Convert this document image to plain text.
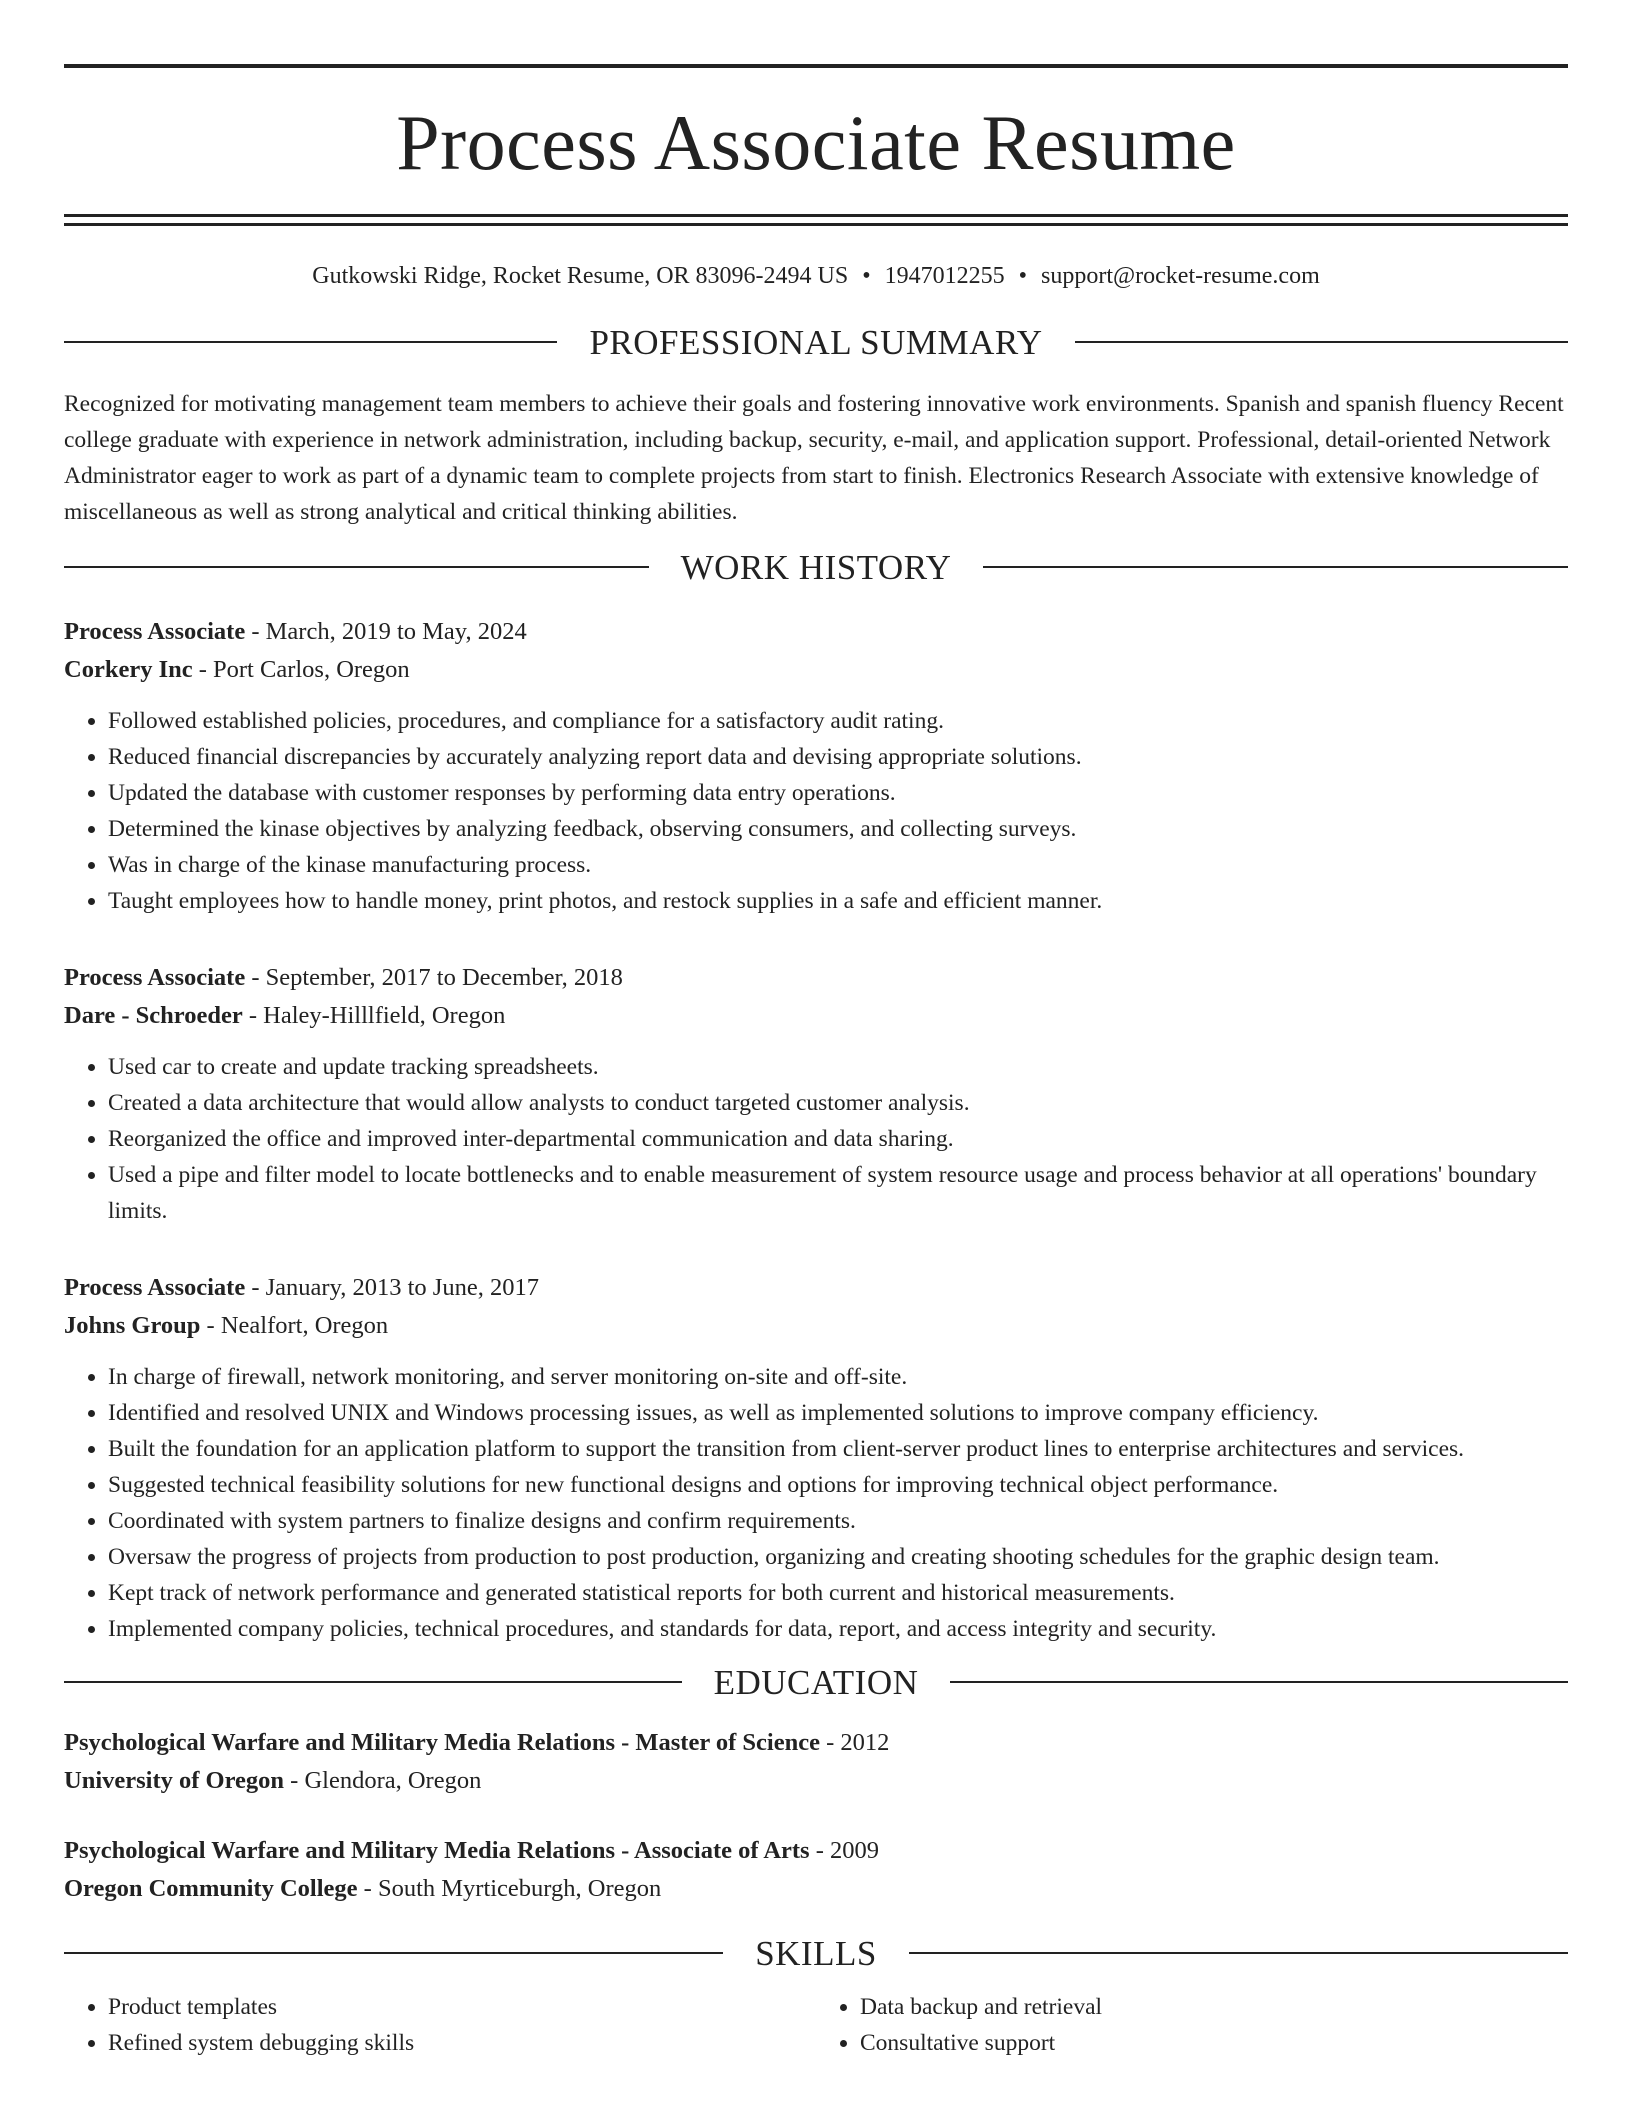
Process Associate Resume
Gutkowski Ridge, Rocket Resume, OR 83096-2494 US • 1947012255 • support@rocket-resume.com
PROFESSIONAL SUMMARY

Recognized for motivating management team members to achieve their goals and fostering innovative work environments. Spanish and spanish fluency Recent college graduate with experience in network administration, including backup, security, e-mail, and application support. Professional, detail-oriented Network Administrator eager to work as part of a dynamic team to complete projects from start to finish. Electronics Research Associate with extensive knowledge of miscellaneous as well as strong analytical and critical thinking abilities.

WORK HISTORY
Process Associate - March, 2019 to May, 2024
Corkery Inc - Port Carlos, Oregon
• Followed established policies, procedures, and compliance for a satisfactory audit rating.
• Reduced financial discrepancies by accurately analyzing report data and devising appropriate solutions.
• Updated the database with customer responses by performing data entry operations.
• Determined the kinase objectives by analyzing feedback, observing consumers, and collecting surveys.
• Was in charge of the kinase manufacturing process.
• Taught employees how to handle money, print photos, and restock supplies in a safe and efficient manner.
Process Associate - September, 2017 to December, 2018
Dare - Schroeder - Haley-Hilllfield, Oregon
• Used car to create and update tracking spreadsheets.
• Created a data architecture that would allow analysts to conduct targeted customer analysis.
• Reorganized the office and improved inter-departmental communication and data sharing.
• Used a pipe and filter model to locate bottlenecks and to enable measurement of system resource usage and process behavior at all operations' boundary limits.
Process Associate - January, 2013 to June, 2017
Johns Group - Nealfort, Oregon
• In charge of firewall, network monitoring, and server monitoring on-site and off-site.
• Identified and resolved UNIX and Windows processing issues, as well as implemented solutions to improve company efficiency.
• Built the foundation for an application platform to support the transition from client-server product lines to enterprise architectures and services.
• Suggested technical feasibility solutions for new functional designs and options for improving technical object performance.
• Coordinated with system partners to finalize designs and confirm requirements.
• Oversaw the progress of projects from production to post production, organizing and creating shooting schedules for the graphic design team.
• Kept track of network performance and generated statistical reports for both current and historical measurements.
• Implemented company policies, technical procedures, and standards for data, report, and access integrity and security.
EDUCATION
Psychological Warfare and Military Media Relations - Master of Science - 2012
University of Oregon - Glendora, Oregon
Psychological Warfare and Military Media Relations - Associate of Arts - 2009
Oregon Community College - South Myrticeburgh, Oregon
SKILLS
• Product templates
• Refined system debugging skills
• Data backup and retrieval
• Consultative support
